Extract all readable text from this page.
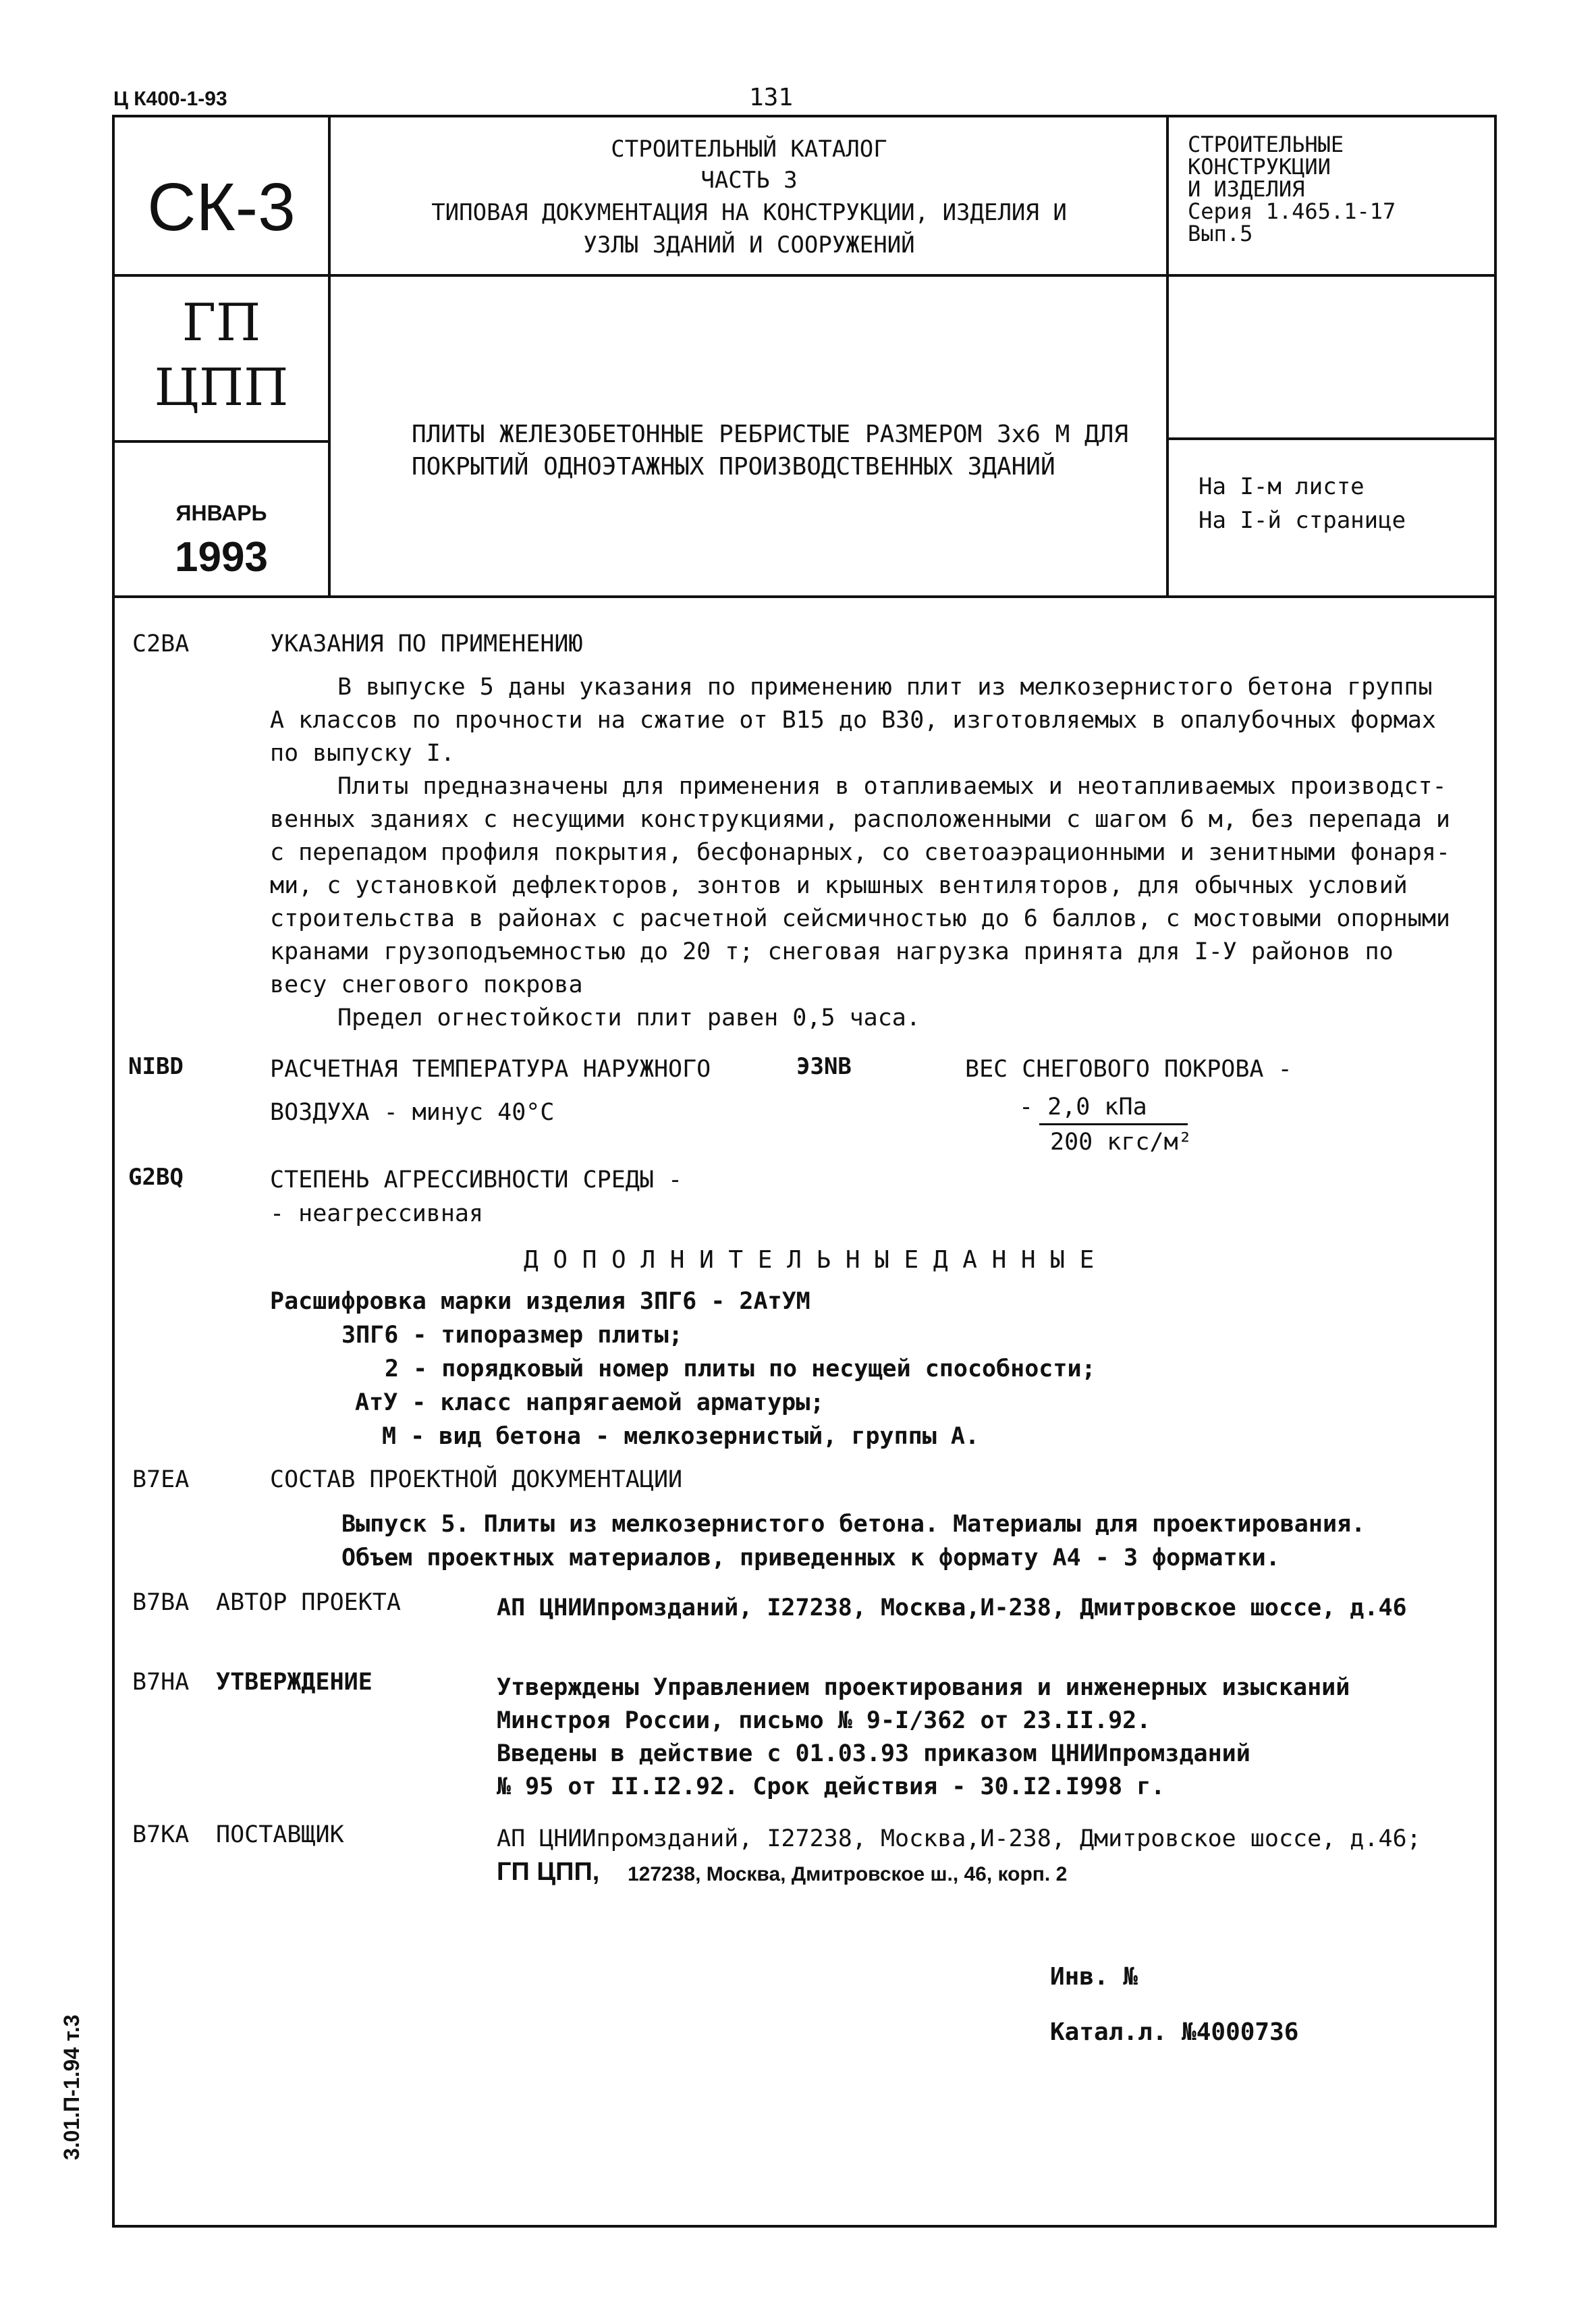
Ц К400-1-93	131
СК-3
ГП
ЦПП
ЯНВАРЬ
1993
СТРОИТЕЛЬНЫЙ КАТАЛОГ
ЧАСТЬ 3
ТИПОВАЯ ДОКУМЕНТАЦИЯ НА КОНСТРУКЦИИ, ИЗДЕЛИЯ И
УЗЛЫ ЗДАНИЙ И СООРУЖЕНИЙ
СТРОИТЕЛЬНЫЕ
КОНСТРУКЦИИ
И ИЗДЕЛИЯ
Серия 1.465.1-17
Вып.5
ПЛИТЫ ЖЕЛЕЗОБЕТОННЫЕ РЕБРИСТЫЕ РАЗМЕРОМ 3х6 М ДЛЯ
ПОКРЫТИЙ ОДНОЭТАЖНЫХ ПРОИЗВОДСТВЕННЫХ ЗДАНИЙ
На I-м листе
На I-й странице
С2ВА	УКАЗАНИЯ ПО ПРИМЕНЕНИЮ
В выпуске 5 даны указания по применению плит из мелкозернистого бетона группы
А классов по прочности на сжатие от В15 до В30, изготовляемых в опалубочных формах
по выпуску I.
Плиты предназначены для применения в отапливаемых и неотапливаемых производст-
венных зданиях с несущими конструкциями, расположенными с шагом 6 м, без перепада и
с перепадом профиля покрытия, бесфонарных, со светоаэрационными и зенитными фонаря-
ми, с установкой дефлекторов, зонтов и крышных вентиляторов, для обычных условий
строительства в районах с расчетной сейсмичностью до 6 баллов, с мостовыми опорными
кранами грузоподъемностью до 20 т; снеговая нагрузка принята для I-У районов по
весу снегового покрова
Предел огнестойкости плит равен 0,5 часа.
NIBD	РАСЧЕТНАЯ ТЕМПЕРАТУРА НАРУЖНОГО
ВОЗДУХА - минус 40°С
ЭЗNВ	ВЕС СНЕГОВОГО ПОКРОВА -
- 2,0 кПа
200 кгс/м²
G2BQ	СТЕПЕНЬ АГРЕССИВНОСТИ СРЕДЫ -
- неагрессивная
Д О П О Л Н И Т Е Л Ь Н Ы Е Д А Н Н Ы Е
Расшифровка марки изделия 3ПГ6 - 2АтУМ
3ПГ6 - типоразмер плиты;
2 - порядковый номер плиты по несущей способности;
АтУ - класс напрягаемой арматуры;
М - вид бетона - мелкозернистый, группы А.
В7ЕА	СОСТАВ ПРОЕКТНОЙ ДОКУМЕНТАЦИИ
Выпуск 5. Плиты из мелкозернистого бетона. Материалы для проектирования.
Объем проектных материалов, приведенных к формату А4 - 3 форматки.
В7ВА АВТОР ПРОЕКТА	АП ЦНИИпромзданий, I27238, Москва,И-238, Дмитровское шоссе, д.46
В7НА УТВЕРЖДЕНИЕ	Утверждены Управлением проектирования и инженерных изысканий
Минстроя России, письмо № 9-I/362 от 23.II.92.
Введены в действие с 01.03.93 приказом ЦНИИпромзданий
№ 95 от II.I2.92. Срок действия - 30.I2.I998 г.
В7КА ПОСТАВЩИК	АП ЦНИИпромзданий, I27238, Москва,И-238, Дмитровское шоссе, д.46;
ГП ЦПП, 127238, Москва, Дмитровское ш., 46, корп. 2
Инв. №
Катал.л. №4000736
3.01.П-1.94 т.3
